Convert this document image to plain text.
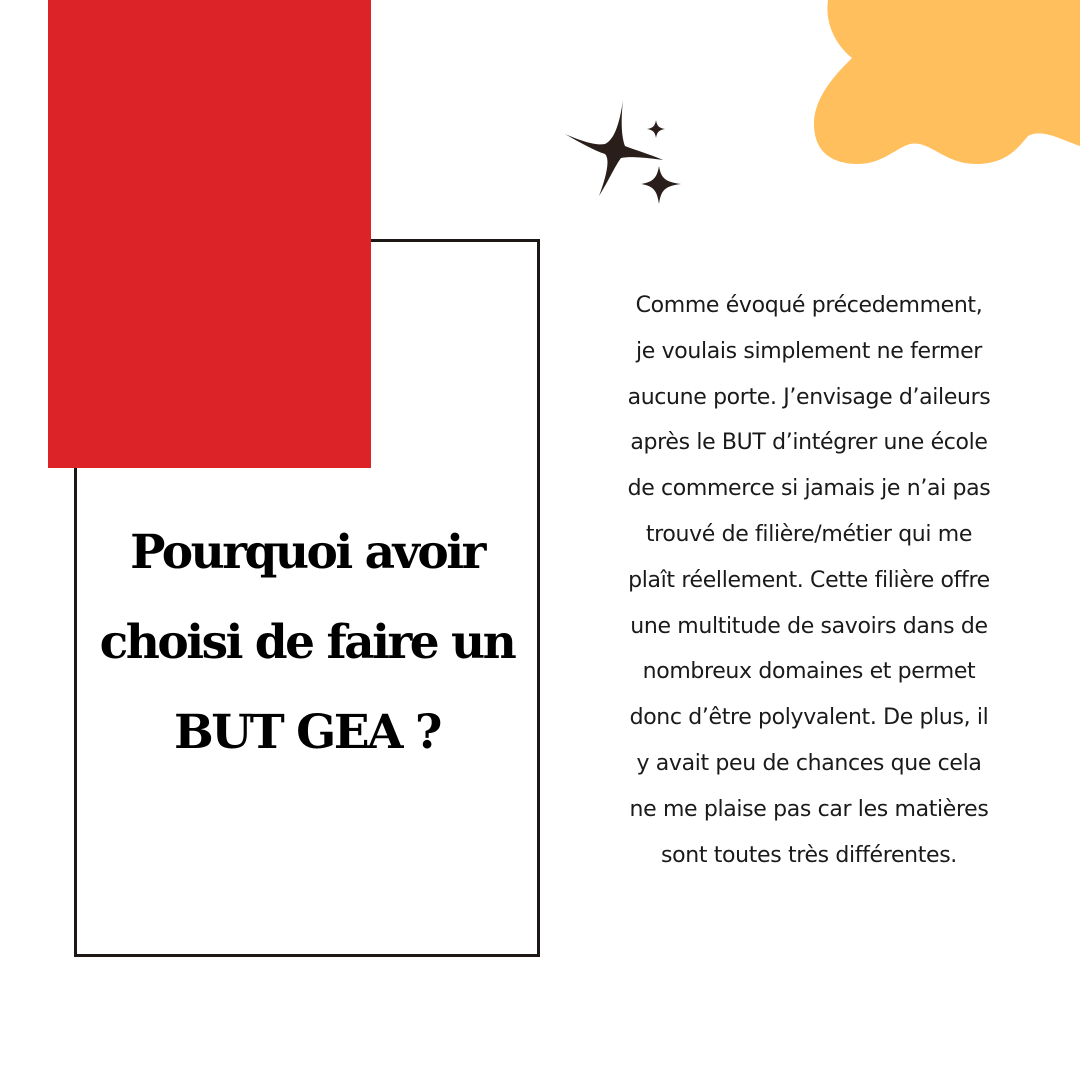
Pourquoi avoir
choisi de faire un
BUT GEA ?

Comme évoqué précedemment,
je voulais simplement ne fermer
aucune porte. J’envisage d’aileurs
après le BUT d’intégrer une école
de commerce si jamais je n’ai pas
trouvé de filière/métier qui me
plaît réellement. Cette filière offre
une multitude de savoirs dans de
nombreux domaines et permet
donc d’être polyvalent. De plus, il
y avait peu de chances que cela
ne me plaise pas car les matières
sont toutes très différentes.
